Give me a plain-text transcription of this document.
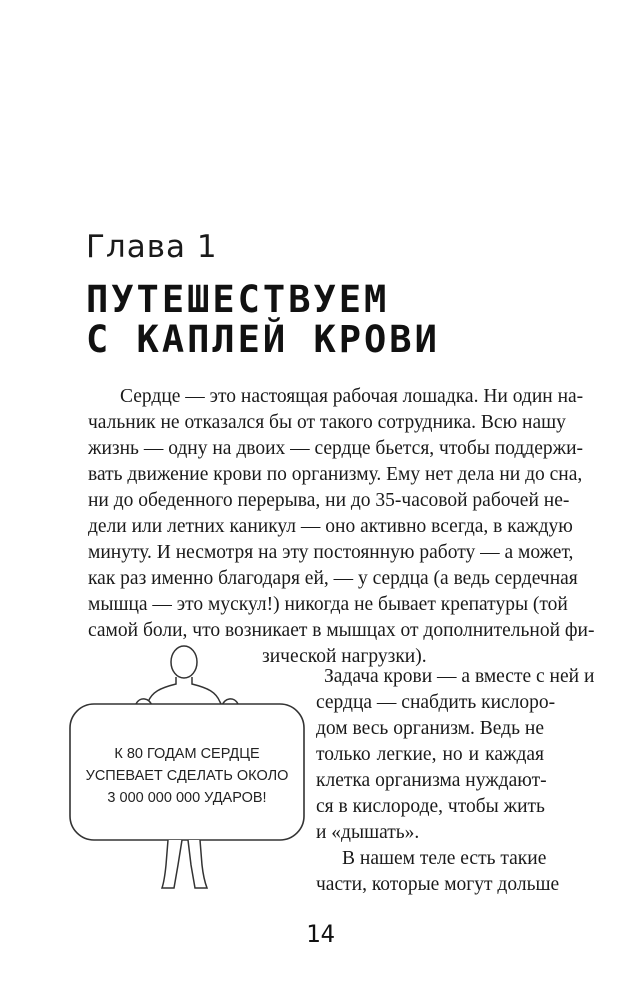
Глава 1
ПУТЕШЕСТВУЕМ
С КАПЛЕЙ КРОВИ
Сердце — это настоящая рабочая лошадка. Ни один на-
чальник не отказался бы от такого сотрудника. Всю нашу
жизнь — одну на двоих — сердце бьется, чтобы поддержи-
вать движение крови по организму. Ему нет дела ни до сна,
ни до обеденного перерыва, ни до 35-часовой рабочей не-
дели или летних каникул — оно активно всегда, в каждую
минуту. И несмотря на эту постоянную работу — а может,
как раз именно благодаря ей, — у сердца (а ведь сердечная
мышца — это мускул!) никогда не бывает крепатуры (той
самой боли, что возникает в мышцах от дополнительной фи-
зической нагрузки).
Задача крови — а вместе с ней и
сердца — снабдить кислоро-
дом весь организм. Ведь не
только легкие, но и каждая
клетка организма нуждают-
ся в кислороде, чтобы жить
и «дышать».
В нашем теле есть такие
части, которые могут дольше
К 80 ГОДАМ СЕРДЦЕ
УСПЕВАЕТ СДЕЛАТЬ ОКОЛО
3 000 000 000 УДАРОВ!
14
